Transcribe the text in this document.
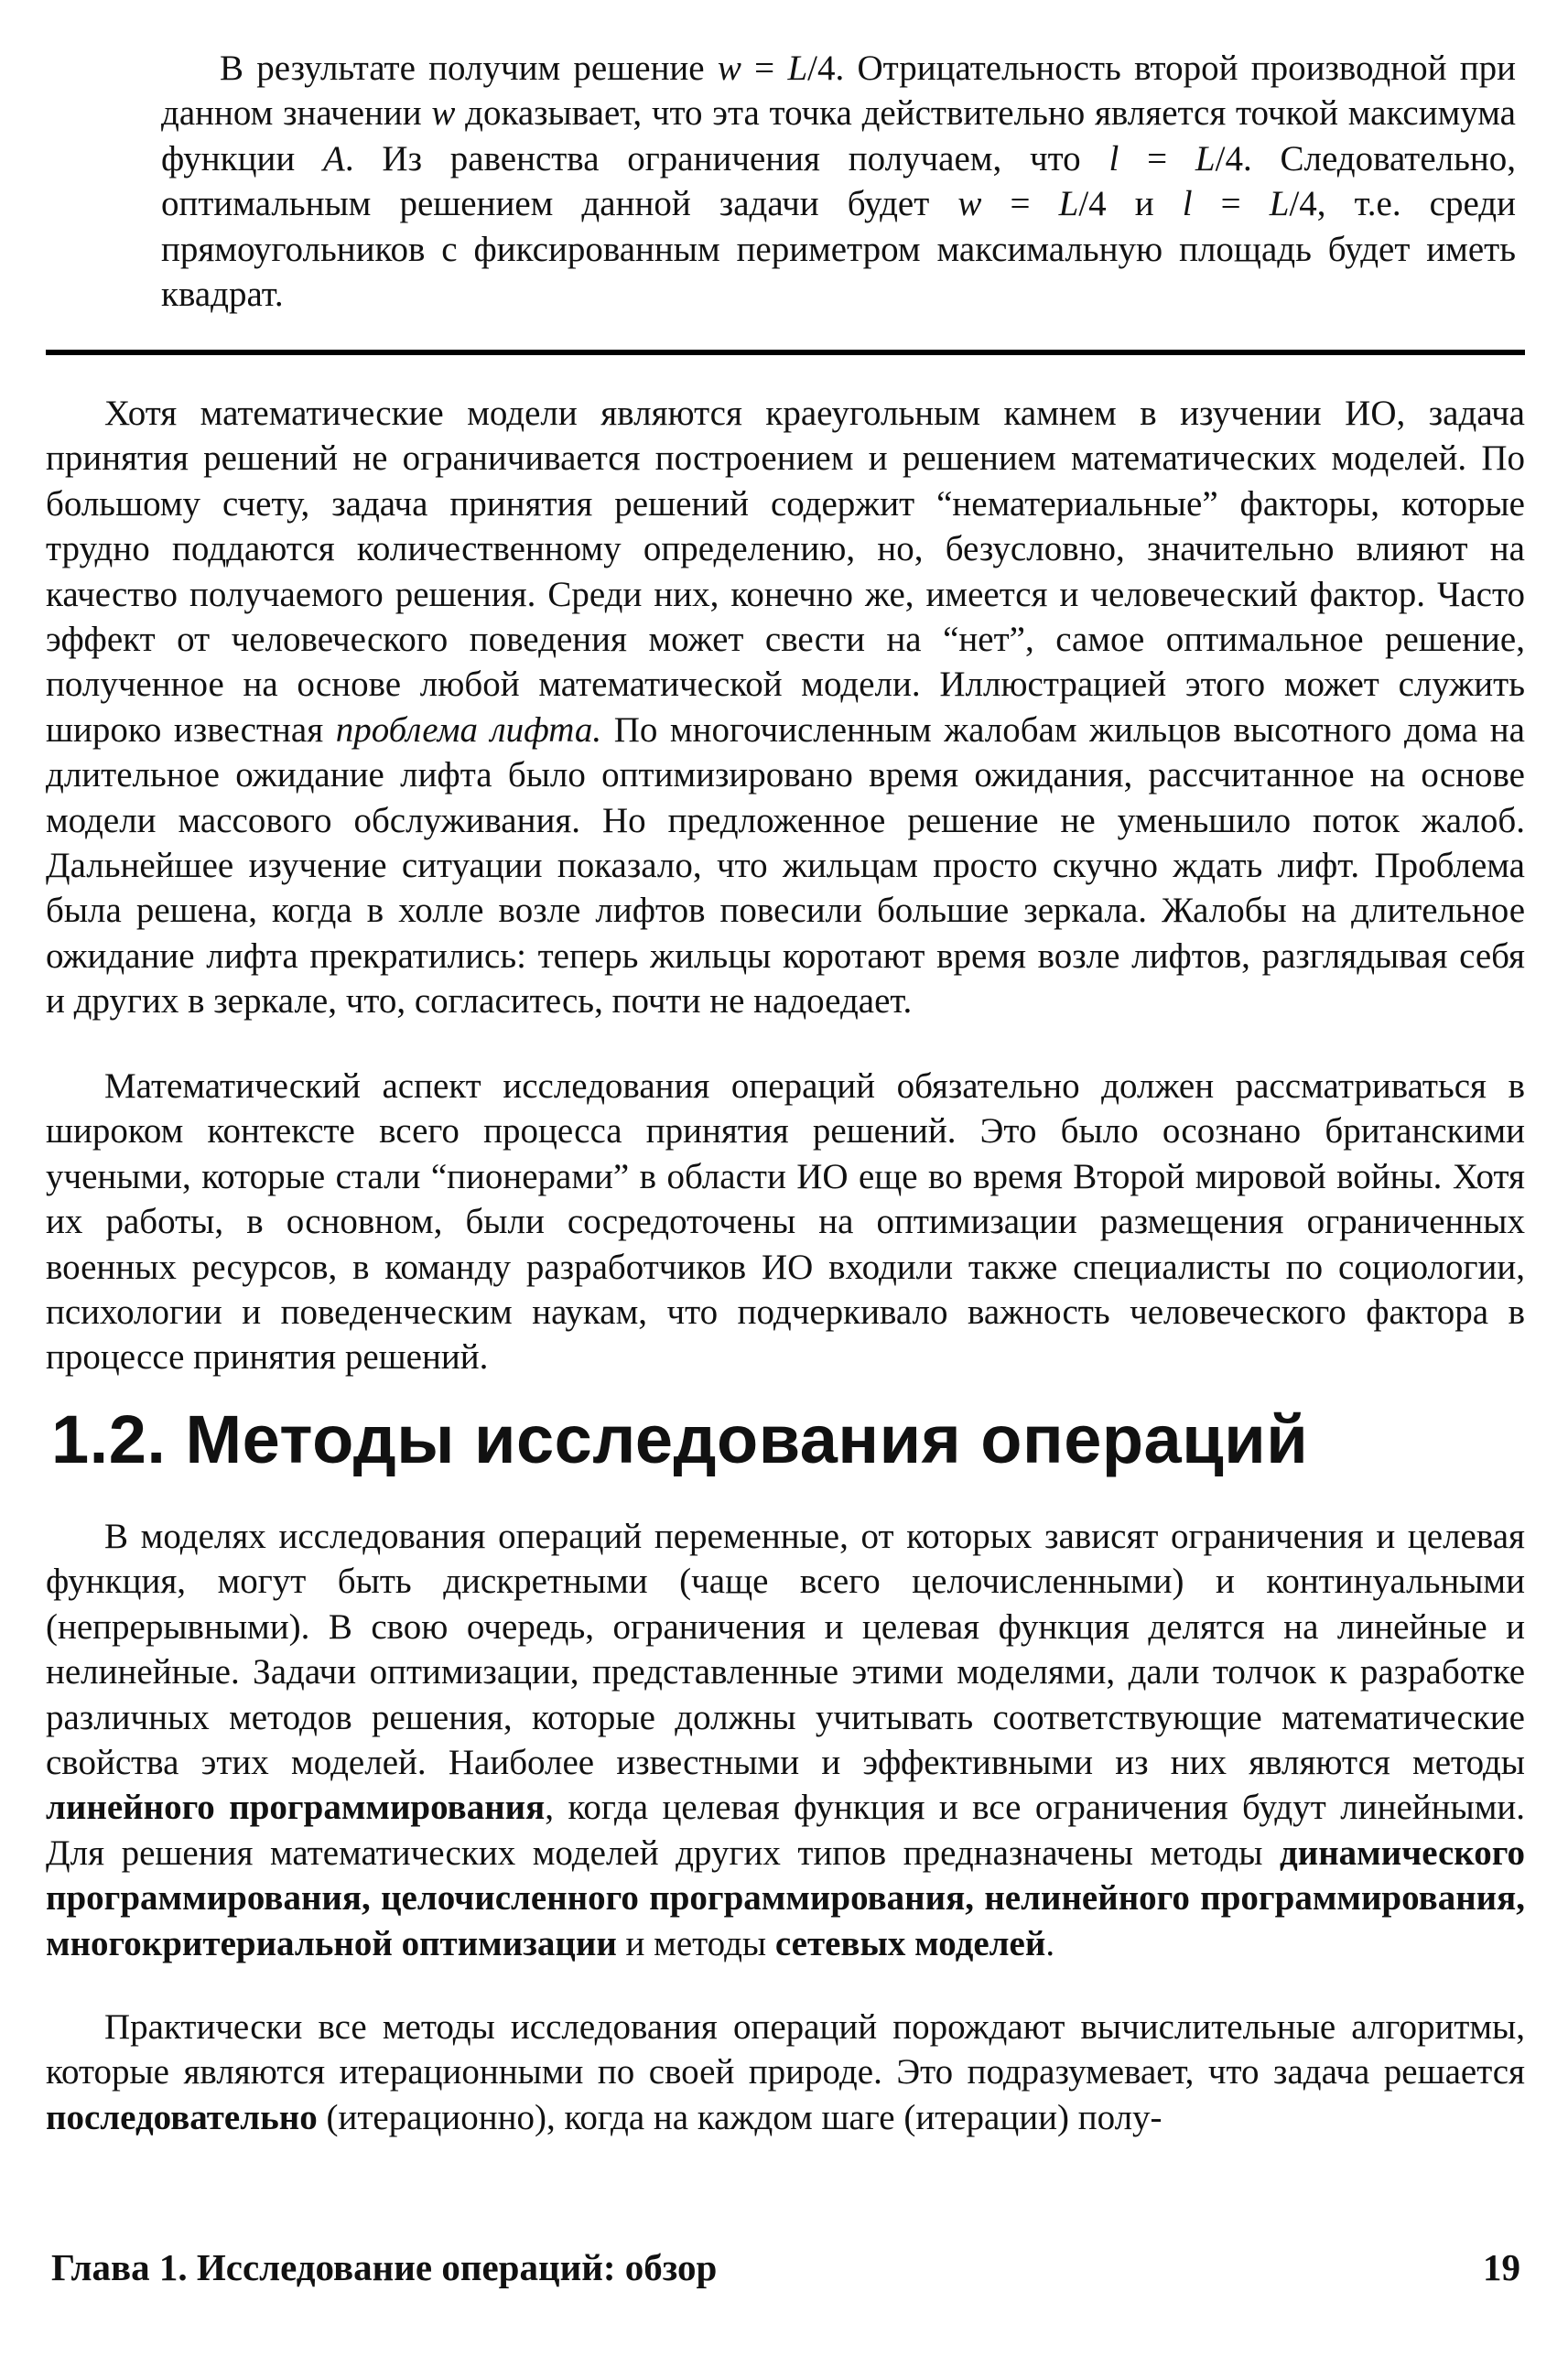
В результате получим решение w = L/4. Отрицательность второй производной при данном значении w доказывает, что эта точка действительно является точкой максимума функции A. Из равенства ограничения получаем, что l = L/4. Следовательно, оптимальным решением данной задачи будет w = L/4 и l = L/4, т.е. среди прямоугольников с фиксированным периметром максимальную площадь будет иметь квадрат.

Хотя математические модели являются краеугольным камнем в изучении ИО, задача принятия решений не ограничивается построением и решением математических моделей. По большому счету, задача принятия решений содержит “нематериальные” факторы, которые трудно поддаются количественному определению, но, безусловно, значительно влияют на качество получаемого решения. Среди них, конечно же, имеется и человеческий фактор. Часто эффект от человеческого поведения может свести на “нет”, самое оптимальное решение, полученное на основе любой математической модели. Иллюстрацией этого может служить широко известная проблема лифта. По многочисленным жалобам жильцов высотного дома на длительное ожидание лифта было оптимизировано время ожидания, рассчитанное на основе модели массового обслуживания. Но предложенное решение не уменьшило поток жалоб. Дальнейшее изучение ситуации показало, что жильцам просто скучно ждать лифт. Проблема была решена, когда в холле возле лифтов повесили большие зеркала. Жалобы на длительное ожидание лифта прекратились: теперь жильцы коротают время возле лифтов, разглядывая себя и других в зеркале, что, согласитесь, почти не надоедает.

Математический аспект исследования операций обязательно должен рассматриваться в широком контексте всего процесса принятия решений. Это было осознано британскими учеными, которые стали “пионерами” в области ИО еще во время Второй мировой войны. Хотя их работы, в основном, были сосредоточены на оптимизации размещения ограниченных военных ресурсов, в команду разработчиков ИО входили также специалисты по социологии, психологии и поведенческим наукам, что подчеркивало важность человеческого фактора в процессе принятия решений.

1.2. Методы исследования операций

В моделях исследования операций переменные, от которых зависят ограничения и целевая функция, могут быть дискретными (чаще всего целочисленными) и континуальными (непрерывными). В свою очередь, ограничения и целевая функция делятся на линейные и нелинейные. Задачи оптимизации, представленные этими моделями, дали толчок к разработке различных методов решения, которые должны учитывать соответствующие математические свойства этих моделей. Наиболее известными и эффективными из них являются методы линейного программирования, когда целевая функция и все ограничения будут линейными. Для решения математических моделей других типов предназначены методы динамического программирования, целочисленного программирования, нелинейного программирования, многокритериальной оптимизации и методы сетевых моделей.

Практически все методы исследования операций порождают вычислительные алгоритмы, которые являются итерационными по своей природе. Это подразумевает, что задача решается последовательно (итерационно), когда на каждом шаге (итерации) полу-

Глава 1. Исследование операций: обзор	19
